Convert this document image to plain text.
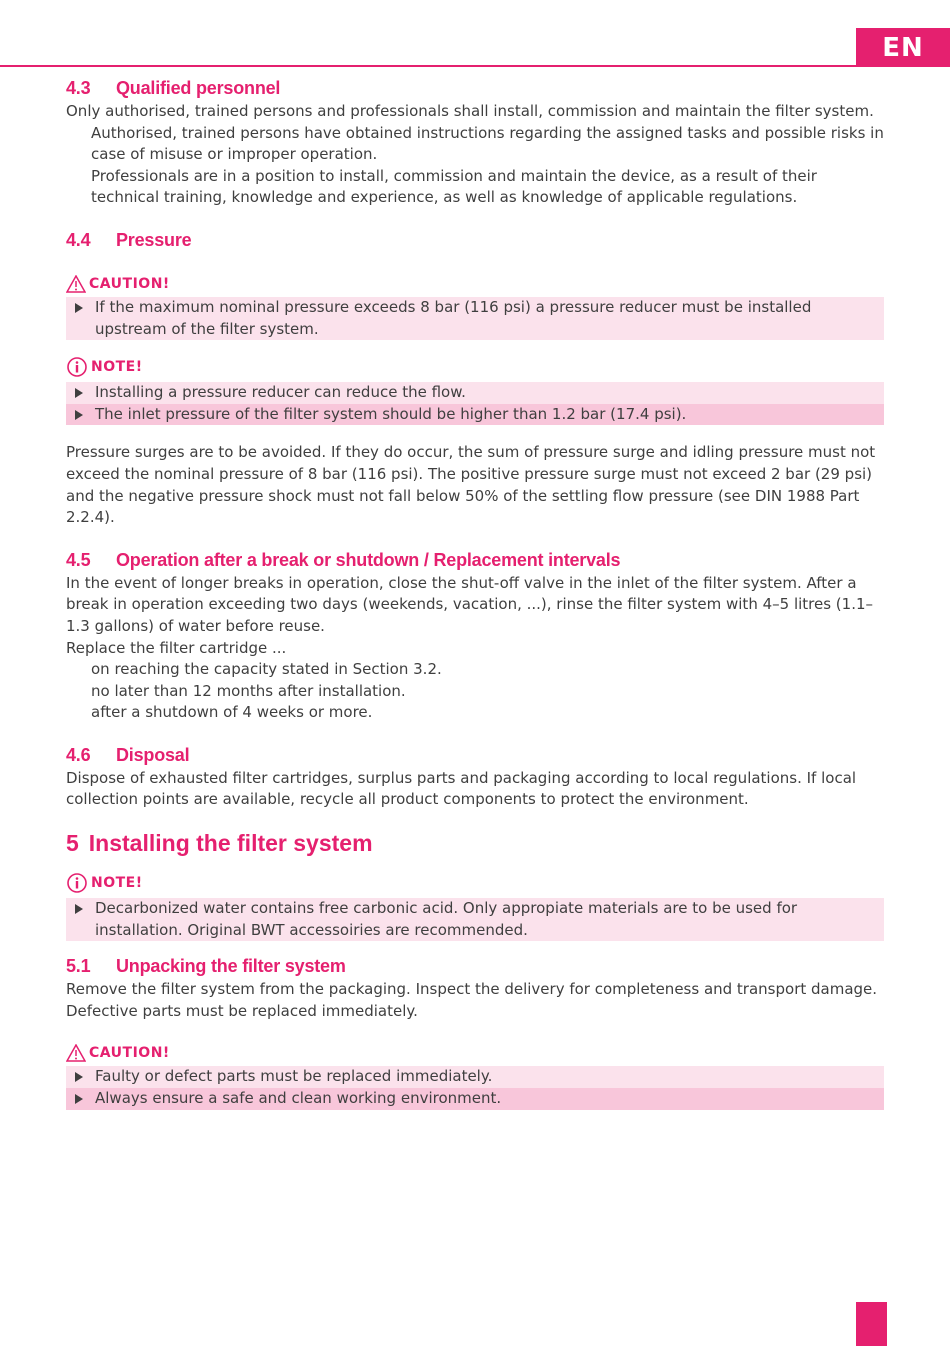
EN
4.3 Qualified personnel
Only authorised, trained persons and professionals shall install, commission and maintain the filter system.
Authorised, trained persons have obtained instructions regarding the assigned tasks and possible risks in case of misuse or improper operation.
Professionals are in a position to install, commission and maintain the device, as a result of their technical training, knowledge and experience, as well as knowledge of applicable regulations.
4.4 Pressure
CAUTION!
If the maximum nominal pressure exceeds 8 bar (116 psi) a pressure reducer must be installed upstream of the filter system.
NOTE!
Installing a pressure reducer can reduce the flow.
The inlet pressure of the filter system should be higher than 1.2 bar (17.4 psi).
Pressure surges are to be avoided. If they do occur, the sum of pressure surge and idling pressure must not exceed the nominal pressure of 8 bar (116 psi). The positive pressure surge must not exceed 2 bar (29 psi) and the negative pressure shock must not fall below 50% of the settling flow pressure (see DIN 1988 Part 2.2.4).
4.5 Operation after a break or shutdown / Replacement intervals
In the event of longer breaks in operation, close the shut-off valve in the inlet of the filter system. After a break in operation exceeding two days (weekends, vacation, ...), rinse the filter system with 4–5 litres (1.1–1.3 gallons) of water before reuse.
Replace the filter cartridge ...
on reaching the capacity stated in Section 3.2.
no later than 12 months after installation.
after a shutdown of 4 weeks or more.
4.6 Disposal
Dispose of exhausted filter cartridges, surplus parts and packaging according to local regulations. If local collection points are available, recycle all product components to protect the environment.
5 Installing the filter system
NOTE!
Decarbonized water contains free carbonic acid. Only appropiate materials are to be used for installation. Original BWT accessoiries are recommended.
5.1 Unpacking the filter system
Remove the filter system from the packaging. Inspect the delivery for completeness and transport damage. Defective parts must be replaced immediately.
CAUTION!
Faulty or defect parts must be replaced immediately.
Always ensure a safe and clean working environment.
